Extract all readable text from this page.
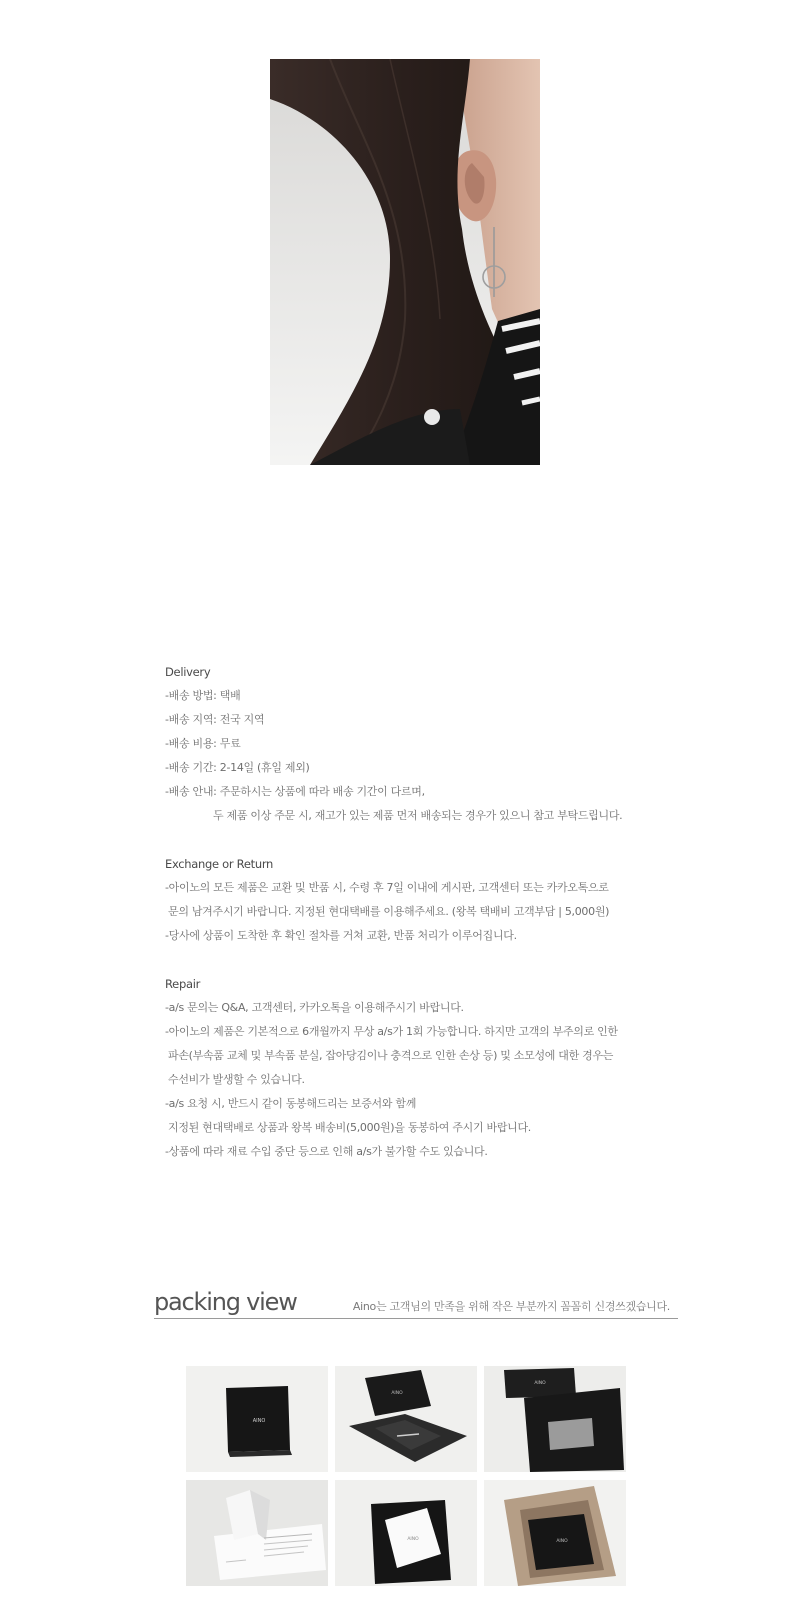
Delivery
-배송 방법: 택배
-배송 지역: 전국 지역
-배송 비용: 무료
-배송 기간: 2-14일 (휴일 제외)
-배송 안내: 주문하시는 상품에 따라 배송 기간이 다르며,
두 제품 이상 주문 시, 재고가 있는 제품 먼저 배송되는 경우가 있으니 참고 부탁드립니다.
Exchange or Return
-아이노의 모든 제품은 교환 및 반품 시, 수령 후 7일 이내에 게시판, 고객센터 또는 카카오톡으로
문의 남겨주시기 바랍니다. 지정된 현대택배를 이용해주세요. (왕복 택배비 고객부담 | 5,000원)
-당사에 상품이 도착한 후 확인 절차를 거쳐 교환, 반품 처리가 이루어집니다.
Repair
-a/s 문의는 Q&A, 고객센터, 카카오톡을 이용해주시기 바랍니다.
-아이노의 제품은 기본적으로 6개월까지 무상 a/s가 1회 가능합니다. 하지만 고객의 부주의로 인한
파손(부속품 교체 및 부속품 분실, 잡아당김이나 충격으로 인한 손상 등) 및 소모성에 대한 경우는
수선비가 발생할 수 있습니다.
-a/s 요청 시, 반드시 같이 동봉해드리는 보증서와 함께
지정된 현대택배로 상품과 왕복 배송비(5,000원)을 동봉하여 주시기 바랍니다.
-상품에 따라 재료 수입 중단 등으로 인해 a/s가 불가할 수도 있습니다.
packing view	Aino는 고객님의 만족을 위해 작은 부분까지 꼼꼼히 신경쓰겠습니다.
AINO
AINO
AINO
AINO	AINO
